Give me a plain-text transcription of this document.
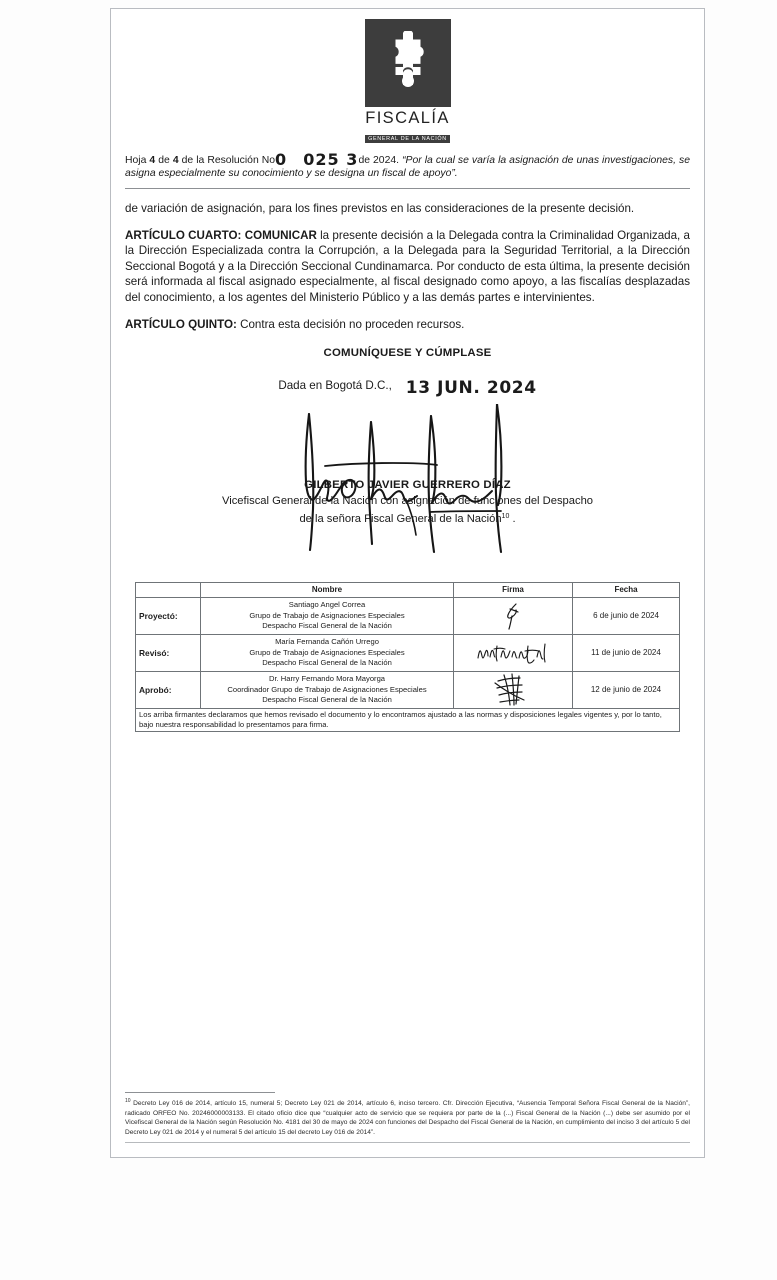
FISCALÍA
GENERAL DE LA NACIÓN
Hoja 4 de 4 de la Resolución No0 025 3de 2024. “Por la cual se varía la asignación de unas investigaciones, se asigna especialmente su conocimiento y se designa un fiscal de apoyo”.

de variación de asignación, para los fines previstos en las consideraciones de la presente decisión.

ARTÍCULO CUARTO: COMUNICAR la presente decisión a la Delegada contra la Criminalidad Organizada, a la Dirección Especializada contra la Corrupción, a la Delegada para la Seguridad Territorial, a la Dirección Seccional Bogotá y a la Dirección Seccional Cundinamarca. Por conducto de esta última, la presente decisión será informada al fiscal asignado especialmente, al fiscal designado como apoyo, a las fiscalías desplazadas del conocimiento, a los agentes del Ministerio Público y a las demás partes e intervinientes.

ARTÍCULO QUINTO: Contra esta decisión no proceden recursos.

COMUNÍQUESE Y CÚMPLASE
Dada en Bogotá D.C., 13 JUN. 2024
GILBERTO JAVIER GUERRERO DÍAZ
Vicefiscal General de la Nación con asignación de funciones del Despacho
de la señora Fiscal General de la Nación$^{10}$ .
	Nombre	Firma	Fecha
Proyectó:	Santiago Angel Correa
Grupo de Trabajo de Asignaciones Especiales
Despacho Fiscal General de la Nación		6 de junio de 2024
Revisó:	María Fernanda Cañón Urrego
Grupo de Trabajo de Asignaciones Especiales
Despacho Fiscal General de la Nación		11 de junio de 2024
Aprobó:	Dr. Harry Fernando Mora Mayorga
Coordinador Grupo de Trabajo de Asignaciones Especiales
Despacho Fiscal General de la Nación		12 de junio de 2024
Los arriba firmantes declaramos que hemos revisado el documento y lo encontramos ajustado a las normas y disposiciones legales vigentes y, por lo tanto, bajo nuestra responsabilidad lo presentamos para firma.			
$^{10}$ Decreto Ley 016 de 2014, artículo 15, numeral 5; Decreto Ley 021 de 2014, artículo 6, inciso tercero. Cfr. Dirección Ejecutiva, “Ausencia Temporal Señora Fiscal General de la Nación”, radicado ORFEO No. 20246000003133. El citado oficio dice que “cualquier acto de servicio que se requiera por parte de la (...) Fiscal General de la Nación (...) debe ser asumido por el Vicefiscal General de la Nación según Resolución No. 4181 del 30 de mayo de 2024 con funciones del Despacho del Fiscal General de la Nación, en cumplimiento del inciso 3 del artículo 5 del Decreto Ley 021 de 2014 y el numeral 5 del artículo 15 del decreto Ley 016 de 2014”.
